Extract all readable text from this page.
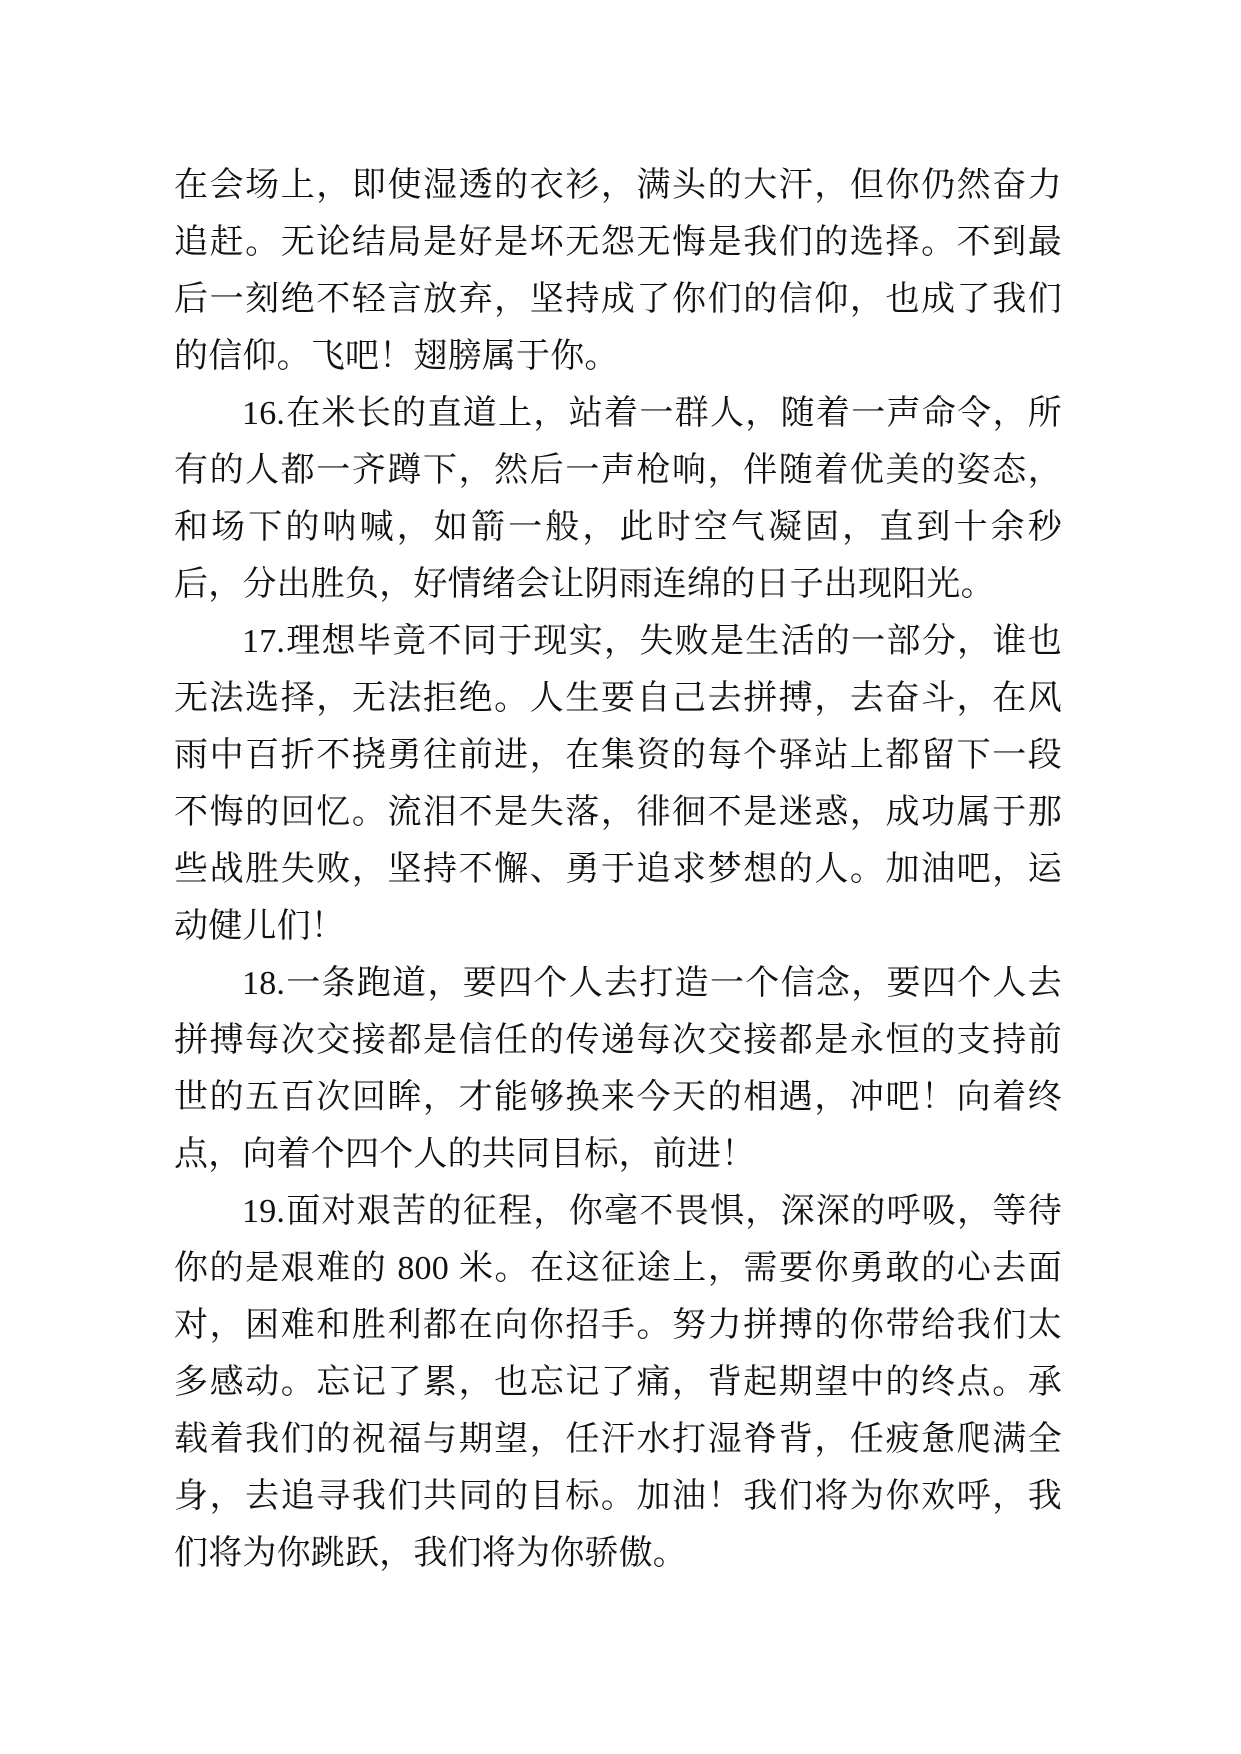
在会场上，即使湿透的衣衫，满头的大汗，但你仍然奋力追赶。无论结局是好是坏无怨无悔是我们的选择。不到最后一刻绝不轻言放弃，坚持成了你们的信仰，也成了我们的信仰。飞吧！翅膀属于你。

16.在米长的直道上，站着一群人，随着一声命令，所有的人都一齐蹲下，然后一声枪响，伴随着优美的姿态，和场下的呐喊，如箭一般，此时空气凝固，直到十余秒后，分出胜负，好情绪会让阴雨连绵的日子出现阳光。

17.理想毕竟不同于现实，失败是生活的一部分，谁也无法选择，无法拒绝。人生要自己去拼搏，去奋斗，在风雨中百折不挠勇往前进，在集资的每个驿站上都留下一段不悔的回忆。流泪不是失落，徘徊不是迷惑，成功属于那些战胜失败，坚持不懈、勇于追求梦想的人。加油吧，运动健儿们！

18.一条跑道，要四个人去打造一个信念，要四个人去拼搏每次交接都是信任的传递每次交接都是永恒的支持前世的五百次回眸，才能够换来今天的相遇，冲吧！向着终点，向着个四个人的共同目标，前进！

19.面对艰苦的征程，你毫不畏惧，深深的呼吸，等待你的是艰难的 800 米。在这征途上，需要你勇敢的心去面对，困难和胜利都在向你招手。努力拼搏的你带给我们太多感动。忘记了累，也忘记了痛，背起期望中的终点。承载着我们的祝福与期望，任汗水打湿脊背，任疲惫爬满全身，去追寻我们共同的目标。加油！我们将为你欢呼，我们将为你跳跃，我们将为你骄傲。
